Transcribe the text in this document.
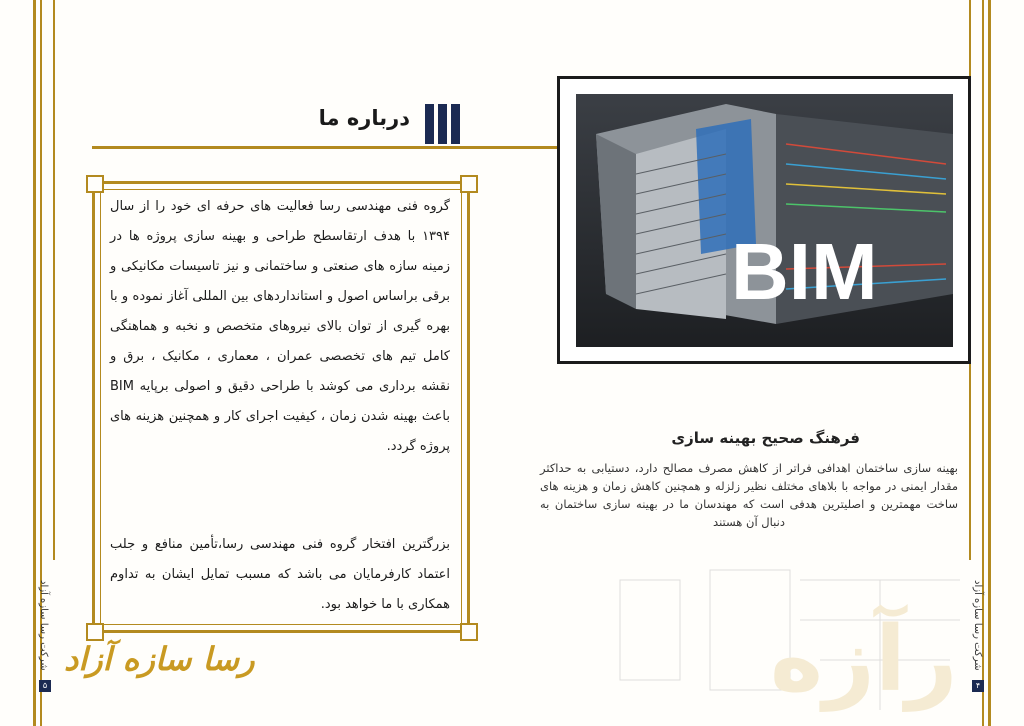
درباره ما
گروه فنی مهندسی رسا فعالیت های حرفه ای خود را از سال ۱۳۹۴ با هدف ارتقاسطح طراحی و بهینه سازی پروژه ها در زمینه سازه های صنعتی و ساختمانی و نیز تاسیسات مکانیکی و برقی براساس اصول و استانداردهای بین المللی آغاز نموده و با بهره گیری از توان بالای نیروهای متخصص و نخبه و هماهنگی کامل تیم های تخصصی عمران ، معماری ، مکانیک ، برق و نقشه برداری می کوشد با طراحی دقیق و اصولی برپایه BIM باعث بهینه شدن زمان ، کیفیت اجرای کار و همچنین هزینه های پروژه گردد.
بزرگترین افتخار گروه فنی مهندسی رسا،تأمین منافع و جلب اعتماد کارفرمایان می باشد که مسبب تمایل ایشان به تداوم همکاری با ما خواهد بود.
BIM
فرهنگ صحیح بهینه سازی
بهینه سازی ساختمان اهدافی فراتر از کاهش مصرف مصالح دارد، دستیابی به حداکثر مقدار ایمنی در مواجه با بلاهای مختلف نظیر زلزله و همچنین کاهش زمان و هزینه های ساخت مهمترین و اصلیترین هدفی است که مهندسان ما در بهینه سازی ساختمان به دنبال آن هستند
رآزه
شرکت رسا سازه آزاد	شرکت رسا سازه آزاد
۵	۴
رسا سازه آزاد
